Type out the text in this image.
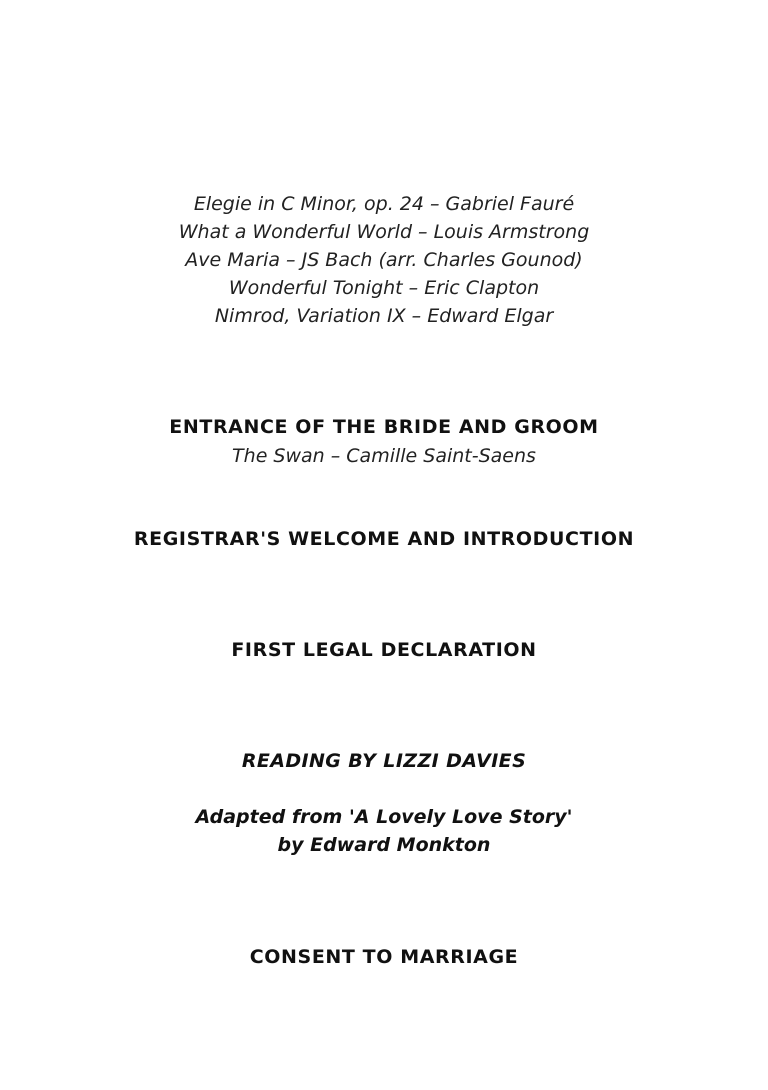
Elegie in C Minor, op. 24 – Gabriel Fauré
What a Wonderful World – Louis Armstrong
Ave Maria – JS Bach (arr. Charles Gounod)
Wonderful Tonight – Eric Clapton
Nimrod, Variation IX – Edward Elgar
ENTRANCE OF THE BRIDE AND GROOM
The Swan – Camille Saint-Saens
REGISTRAR'S WELCOME AND INTRODUCTION
FIRST LEGAL DECLARATION
READING BY LIZZI DAVIES
Adapted from 'A Lovely Love Story'
by Edward Monkton
CONSENT TO MARRIAGE
